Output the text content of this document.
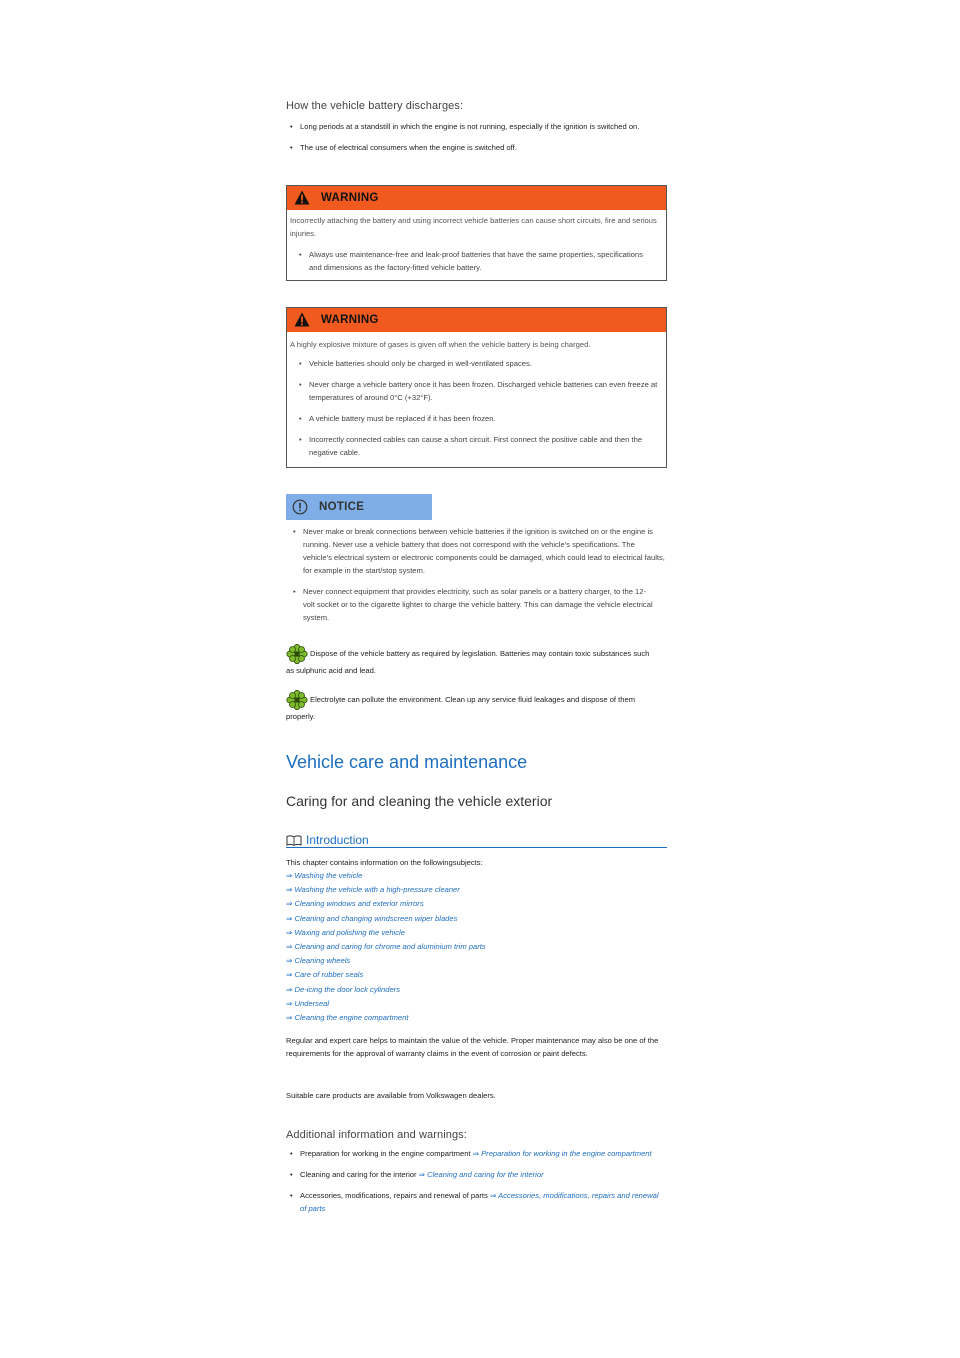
How the vehicle battery discharges:
• Long periods at a standstill in which the engine is not running, especially if the ignition is switched on.
• The use of electrical consumers when the engine is switched off.
WARNING

Incorrectly attaching the battery and using incorrect vehicle batteries can cause short circuits, fire and serious injuries.

• Always use maintenance-free and leak-proof batteries that have the same properties, specifications and dimensions as the factory-fitted vehicle battery.
WARNING

A highly explosive mixture of gases is given off when the vehicle battery is being charged.

• Vehicle batteries should only be charged in well-ventilated spaces.
• Never charge a vehicle battery once it has been frozen. Discharged vehicle batteries can even freeze at temperatures of around 0°C (+32°F).
• A vehicle battery must be replaced if it has been frozen.
• Incorrectly connected cables can cause a short circuit. First connect the positive cable and then the negative cable.
NOTICE
• Never make or break connections between vehicle batteries if the ignition is switched on or the engine is running. Never use a vehicle battery that does not correspond with the vehicle's specifications. The vehicle's electrical system or electronic components could be damaged, which could lead to electrical faults, for example in the start/stop system.
• Never connect equipment that provides electricity, such as solar panels or a battery charger, to the 12-volt socket or to the cigarette lighter to charge the vehicle battery. This can damage the vehicle electrical system.
Dispose of the vehicle battery as required by legislation. Batteries may contain toxic substances such as sulphuric acid and lead.
Electrolyte can pollute the environment. Clean up any service fluid leakages and dispose of them properly.
Vehicle care and maintenance
Caring for and cleaning the vehicle exterior
Introduction
This chapter contains information on the followingsubjects:
⇒ Washing the vehicle
⇒ Washing the vehicle with a high-pressure cleaner
⇒ Cleaning windows and exterior mirrors
⇒ Cleaning and changing windscreen wiper blades
⇒ Waxing and polishing the vehicle
⇒ Cleaning and caring for chrome and aluminium trim parts
⇒ Cleaning wheels
⇒ Care of rubber seals
⇒ De-icing the door lock cylinders
⇒ Underseal
⇒ Cleaning the engine compartment
Regular and expert care helps to maintain the value of the vehicle. Proper maintenance may also be one of the requirements for the approval of warranty claims in the event of corrosion or paint defects.
Suitable care products are available from Volkswagen dealers.
Additional information and warnings:
• Preparation for working in the engine compartment ⇒ Preparation for working in the engine compartment
• Cleaning and caring for the interior ⇒ Cleaning and caring for the interior
• Accessories, modifications, repairs and renewal of parts ⇒ Accessories, modifications, repairs and renewal of parts
